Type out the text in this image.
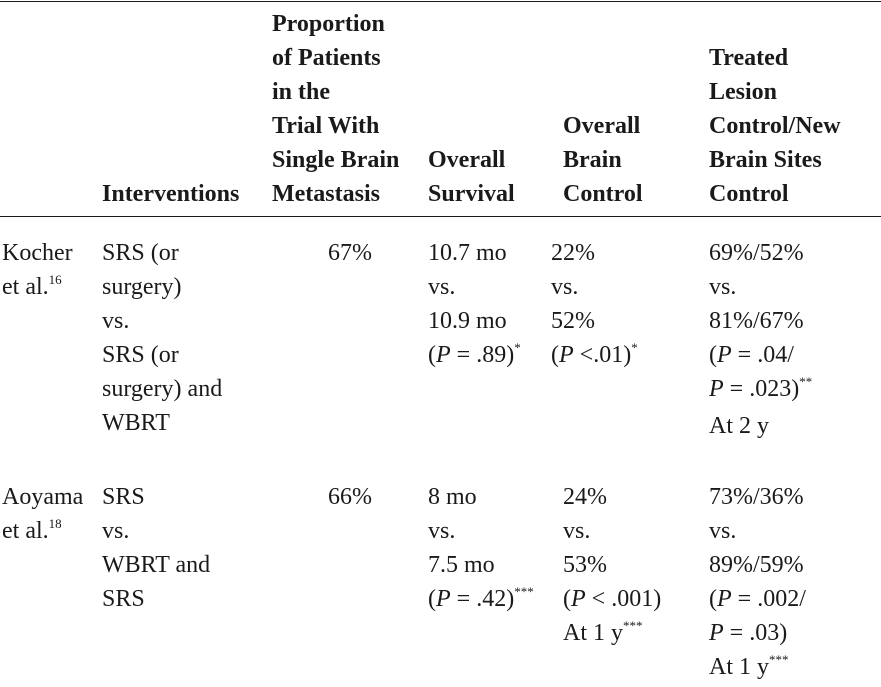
Interventions
Proportion
of Patients
in the
Trial With
Single Brain
Metastasis
Overall
Survival
Overall
Brain
Control
Treated
Lesion
Control/New
Brain Sites
Control
Kocher
et al.$^{16}$
SRS (or
surgery)
vs.
SRS (or
surgery) and
WBRT
67% 10.7 mo
vs.
10.9 mo
(P = .89)*
22%
vs.
52%
(P <.01)*
69%/52%
vs.
81%/67%
(P = .04/
P = .023)**
At 2 y
Aoyama
et al.$^{18}$
SRS
vs.
WBRT and
SRS
66% 8 mo
vs.
7.5 mo
(P = .42)***
24%
vs.
53%
(P < .001)
At 1 y***
73%/36%
vs.
89%/59%
(P = .002/
P = .03)
At 1 y***
